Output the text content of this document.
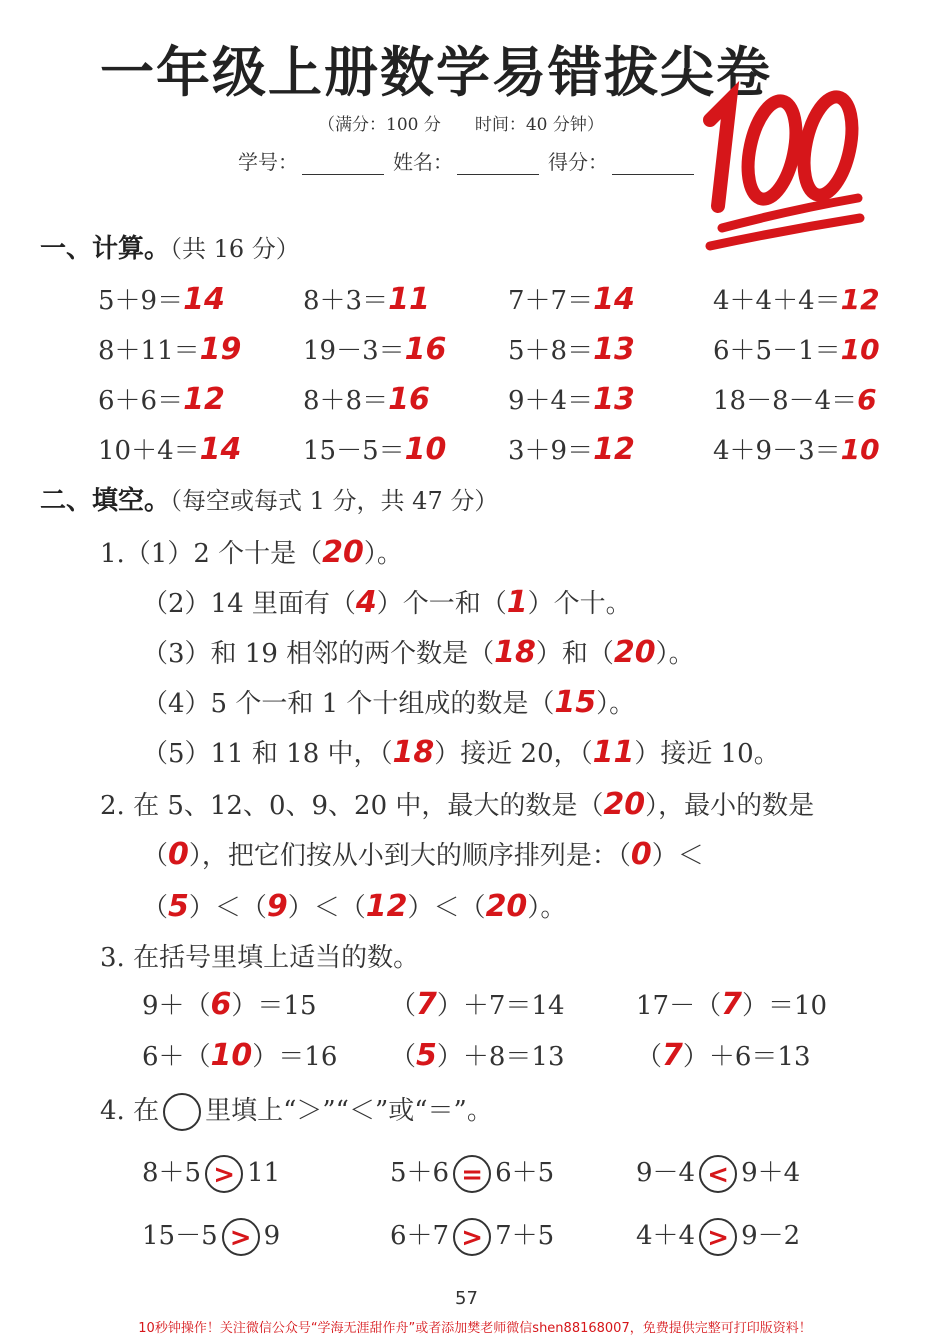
一年级上册数学易错拔尖卷
（满分：100 分　　时间：40 分钟）
学号：	姓名：	得分：
一、计算。（共 16 分）
5＋9＝14	8＋3＝11	7＋7＝14	4＋4＋4＝12
8＋11＝19 19－3＝16 5＋8＝13	6＋5－1＝10
6＋6＝12	8＋8＝16	9＋4＝13	18－8－4＝6
10＋4＝14 15－5＝10 3＋9＝12	4＋9－3＝10
二、填空。（每空或每式 1 分，共 47 分）
1.（1）2 个十是（20）。
（2）14 里面有（4）个一和（1）个十。
（3）和 19 相邻的两个数是（18）和（20）。
（4）5 个一和 1 个十组成的数是（15）。
（5）11 和 18 中，（18）接近 20，（11）接近 10。
2. 在 5、12、0、9、20 中，最大的数是（20），最小的数是
（0），把它们按从小到大的顺序排列是：（0）＜
（5）＜（9）＜（12）＜（20）。
3. 在括号里填上适当的数。
9＋（6）＝15	（7）＋7＝14	17－（7）＝10
6＋（10）＝16 （5）＋8＝13	（7）＋6＝13
4. 在 里填上“＞”“＜”或“＝”。
8＋5 > 11	5＋6 = 6＋5	9－4 < 9＋4
15－5 > 9	6＋7 > 7＋5	4＋4 > 9－2
57
10秒钟操作！关注微信公众号“学海无涯甜作舟”或者添加樊老师微信shen88168007，免费提供完整可打印版资料！
